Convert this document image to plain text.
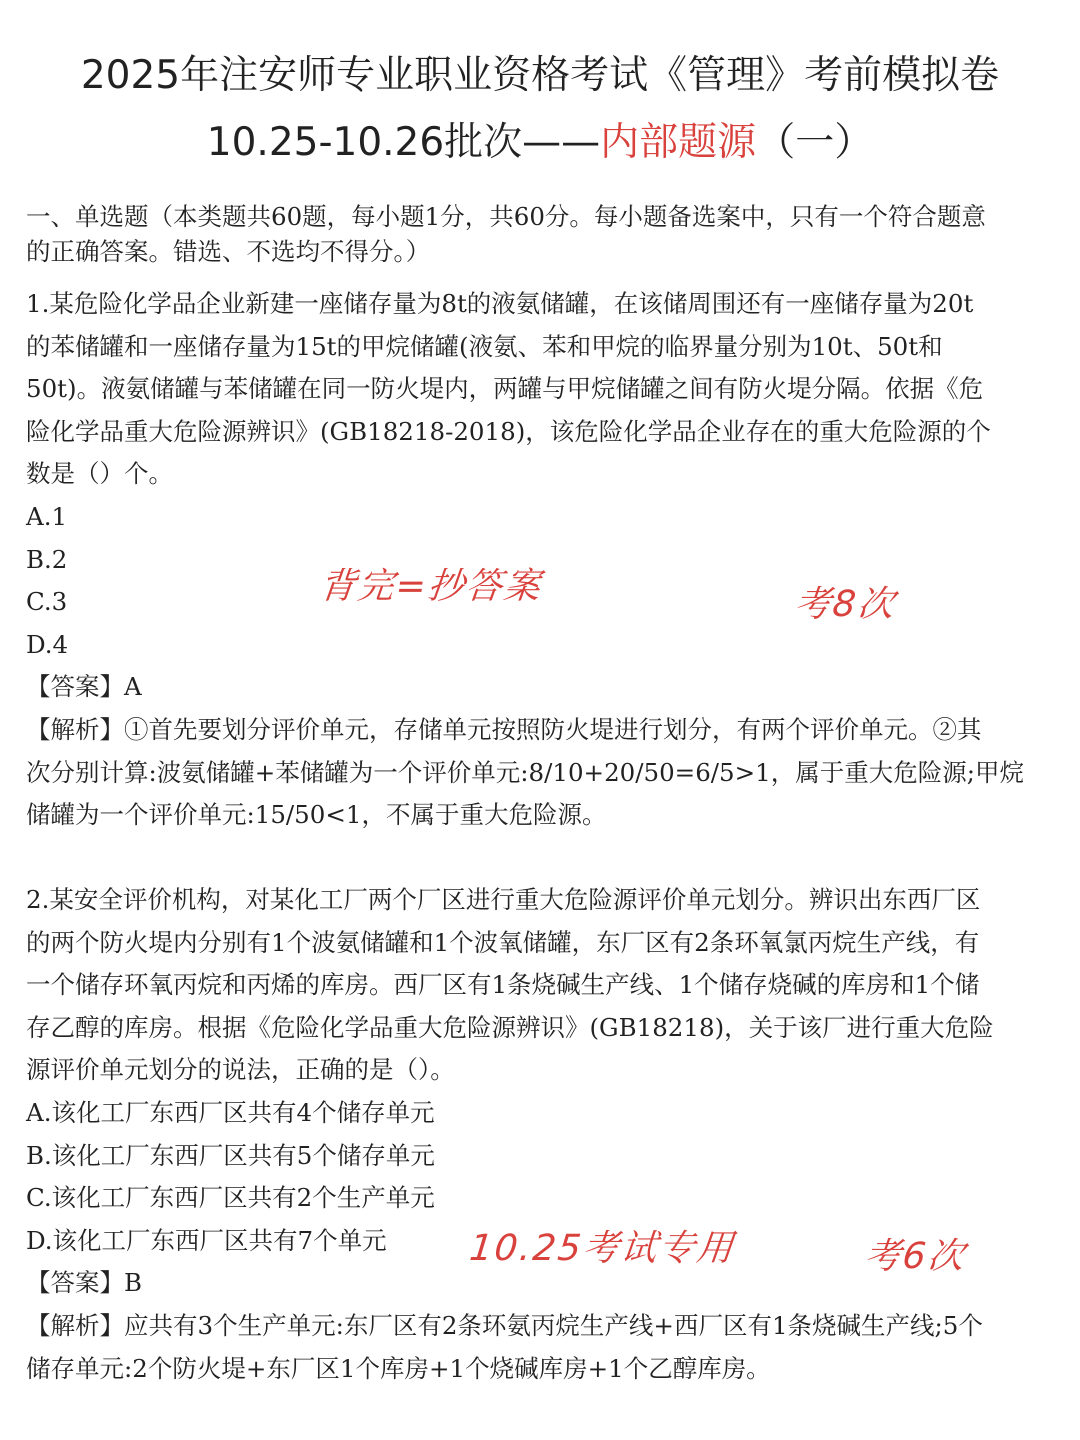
2025年注安师专业职业资格考试《管理》考前模拟卷
10.25-10.26批次——内部题源（一）
一、单选题（本类题共60题，每小题1分，共60分。每小题备选案中，只有一个符合题意
的正确答案。错选、不选均不得分。）
1.某危险化学品企业新建一座储存量为8t的液氨储罐，在该储周围还有一座储存量为20t
的苯储罐和一座储存量为15t的甲烷储罐(液氨、苯和甲烷的临界量分别为10t、50t和
50t)。液氨储罐与苯储罐在同一防火堤内，两罐与甲烷储罐之间有防火堤分隔。依据《危
险化学品重大危险源辨识》(GB18218-2018)，该危险化学品企业存在的重大危险源的个
数是（）个。
A.1
B.2
C.3
D.4
【答案】A
【解析】①首先要划分评价单元，存储单元按照防火堤进行划分，有两个评价单元。②其
次分别计算:波氨储罐+苯储罐为一个评价单元:8/10+20/50=6/5>1，属于重大危险源;甲烷
储罐为一个评价单元:15/50<1，不属于重大危险源。
2.某安全评价机构，对某化工厂两个厂区进行重大危险源评价单元划分。辨识出东西厂区
的两个防火堤内分别有1个波氨储罐和1个波氧储罐，东厂区有2条环氧氯丙烷生产线，有
一个储存环氧丙烷和丙烯的库房。西厂区有1条烧碱生产线、1个储存烧碱的库房和1个储
存乙醇的库房。根据《危险化学品重大危险源辨识》(GB18218)，关于该厂进行重大危险
源评价单元划分的说法，正确的是（）。
A.该化工厂东西厂区共有4个储存单元
B.该化工厂东西厂区共有5个储存单元
C.该化工厂东西厂区共有2个生产单元
D.该化工厂东西厂区共有7个单元
【答案】B
【解析】应共有3个生产单元:东厂区有2条环氨丙烷生产线+西厂区有1条烧碱生产线;5个
储存单元:2个防火堤+东厂区1个库房+1个烧碱库房+1个乙醇库房。
背完=抄答案	考8次
10.25考试专用	考6次
